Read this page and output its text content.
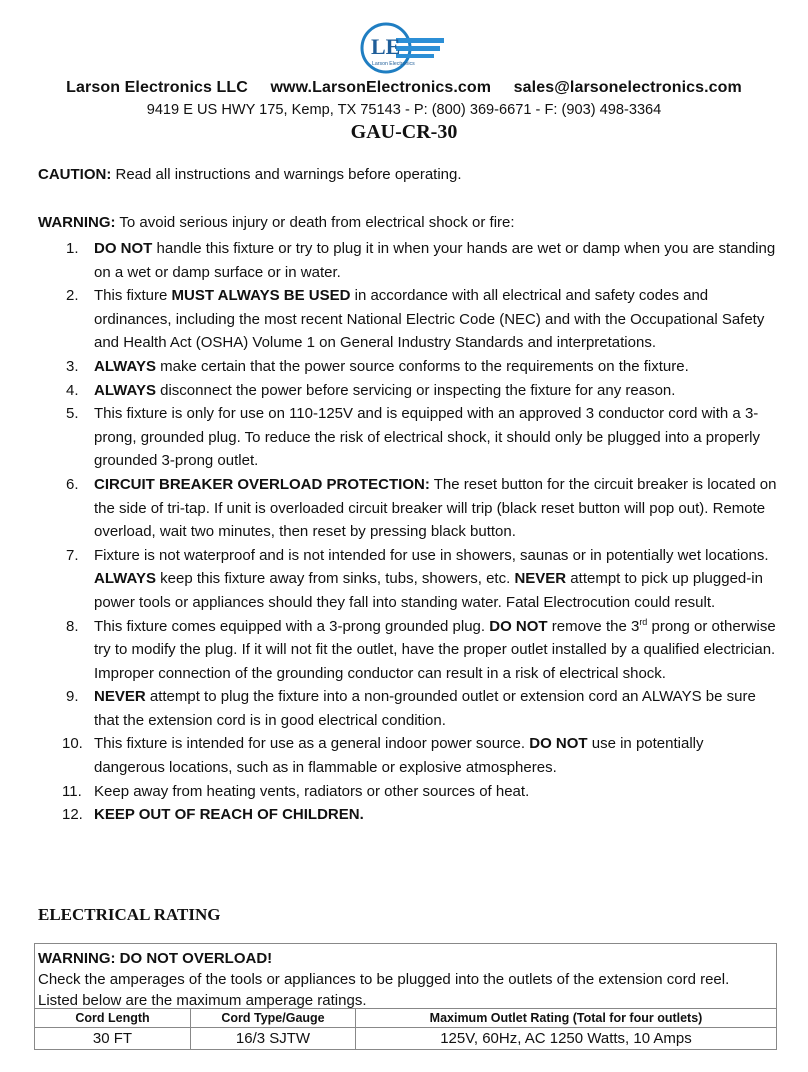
LE
Larson Electronics
Larson Electronics LLC www.LarsonElectronics.com sales@larsonelectronics.com
9419 E US HWY 175, Kemp, TX 75143 - P: (800) 369-6671 - F: (903) 498-3364
GAU-CR-30
CAUTION: Read all instructions and warnings before operating.
WARNING: To avoid serious injury or death from electrical shock or fire:
1.	DO NOT handle this fixture or try to plug it in when your hands are wet or damp when you are standing on a wet or damp surface or in water.
2.	This fixture MUST ALWAYS BE USED in accordance with all electrical and safety codes and ordinances, including the most recent National Electric Code (NEC) and with the Occupational Safety and Health Act (OSHA) Volume 1 on General Industry Standards and interpretations.
3.	ALWAYS make certain that the power source conforms to the requirements on the fixture.
4.	ALWAYS disconnect the power before servicing or inspecting the fixture for any reason.
5.	This fixture is only for use on 110-125V and is equipped with an approved 3 conductor cord with a 3-prong, grounded plug. To reduce the risk of electrical shock, it should only be plugged into a properly grounded 3-prong outlet.
6.	CIRCUIT BREAKER OVERLOAD PROTECTION: The reset button for the circuit breaker is located on the side of tri-tap. If unit is overloaded circuit breaker will trip (black reset button will pop out). Remote overload, wait two minutes, then reset by pressing black button.
7.	Fixture is not waterproof and is not intended for use in showers, saunas or in potentially wet locations. ALWAYS keep this fixture away from sinks, tubs, showers, etc. NEVER attempt to pick up plugged-in power tools or appliances should they fall into standing water. Fatal Electrocution could result.
8.	This fixture comes equipped with a 3-prong grounded plug. DO NOT remove the 3rd prong or otherwise try to modify the plug. If it will not fit the outlet, have the proper outlet installed by a qualified electrician. Improper connection of the grounding conductor can result in a risk of electrical shock.
9.	NEVER attempt to plug the fixture into a non-grounded outlet or extension cord an ALWAYS be sure that the extension cord is in good electrical condition.
10. This fixture is intended for use as a general indoor power source. DO NOT use in potentially dangerous locations, such as in flammable or explosive atmospheres.
11. Keep away from heating vents, radiators or other sources of heat.
12. KEEP OUT OF REACH OF CHILDREN.
ELECTRICAL RATING
WARNING: DO NOT OVERLOAD!
Check the amperages of the tools or appliances to be plugged into the outlets of the extension cord reel. Listed below are the maximum amperage ratings.
Cord Length	Cord Type/Gauge	Maximum Outlet Rating (Total for four outlets)
30 FT	16/3 SJTW	125V, 60Hz, AC 1250 Watts, 10 Amps
